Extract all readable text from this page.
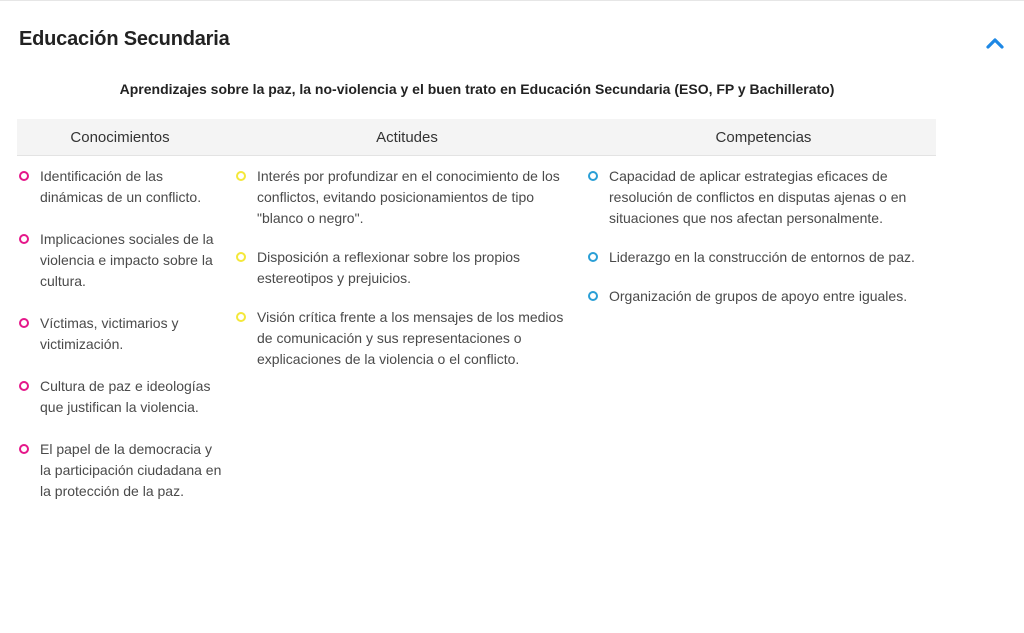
Educación Secundaria

Aprendizajes sobre la paz, la no-violencia y el buen trato en Educación Secundaria (ESO, FP y Bachillerato)

Conocimientos	Actitudes	Competencias
Identificación de las dinámicas de un conflicto.
Implicaciones sociales de la violencia e impacto sobre la cultura.
Víctimas, victimarios y victimización.
Cultura de paz e ideologías que justifican la violencia.
El papel de la democracia y la participación ciudadana en la protección de la paz.
Interés por profundizar en el conocimiento de los conflictos, evitando posicionamientos de tipo "blanco o negro".
Disposición a reflexionar sobre los propios estereotipos y prejuicios.
Visión crítica frente a los mensajes de los medios de comunicación y sus representaciones o explicaciones de la violencia o el conflicto.
Capacidad de aplicar estrategias eficaces de resolución de conflictos en disputas ajenas o en situaciones que nos afectan personalmente.
Liderazgo en la construcción de entornos de paz.
Organización de grupos de apoyo entre iguales.
